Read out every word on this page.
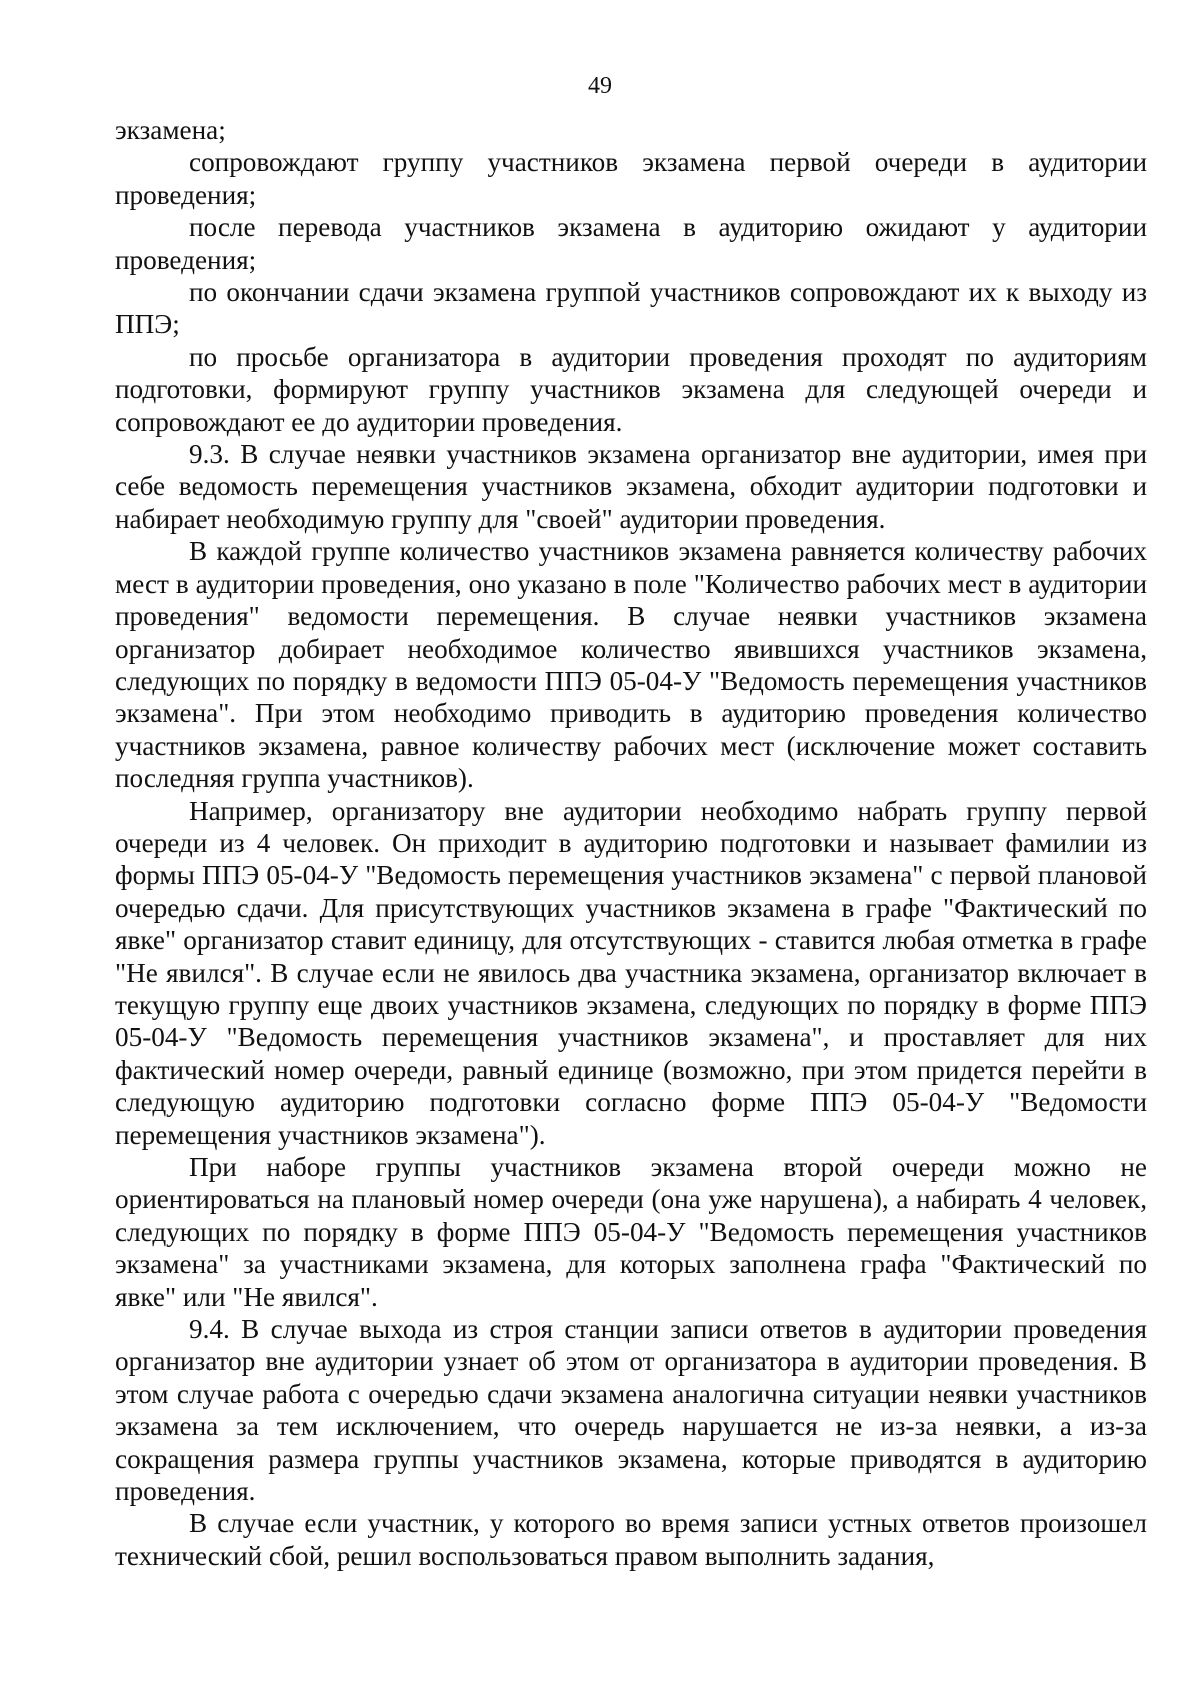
49

экзамена;

сопровождают группу участников экзамена первой очереди в аудитории проведения;

после перевода участников экзамена в аудиторию ожидают у аудитории проведения;

по окончании сдачи экзамена группой участников сопровождают их к выходу из ППЭ;

по просьбе организатора в аудитории проведения проходят по аудиториям подготовки, формируют группу участников экзамена для следующей очереди и сопровождают ее до аудитории проведения.

9.3. В случае неявки участников экзамена организатор вне аудитории, имея при себе ведомость перемещения участников экзамена, обходит аудитории подготовки и набирает необходимую группу для "своей" аудитории проведения.

В каждой группе количество участников экзамена равняется количеству рабочих мест в аудитории проведения, оно указано в поле "Количество рабочих мест в аудитории проведения" ведомости перемещения. В случае неявки участников экзамена организатор добирает необходимое количество явившихся участников экзамена, следующих по порядку в ведомости ППЭ 05-04-У "Ведомость перемещения участников экзамена". При этом необходимо приводить в аудиторию проведения количество участников экзамена, равное количеству рабочих мест (исключение может составить последняя группа участников).

Например, организатору вне аудитории необходимо набрать группу первой очереди из 4 человек. Он приходит в аудиторию подготовки и называет фамилии из формы ППЭ 05-04-У "Ведомость перемещения участников экзамена" с первой плановой очередью сдачи. Для присутствующих участников экзамена в графе "Фактический по явке" организатор ставит единицу, для отсутствующих - ставится любая отметка в графе "Не явился". В случае если не явилось два участника экзамена, организатор включает в текущую группу еще двоих участников экзамена, следующих по порядку в форме ППЭ 05-04-У "Ведомость перемещения участников экзамена", и проставляет для них фактический номер очереди, равный единице (возможно, при этом придется перейти в следующую аудиторию подготовки согласно форме ППЭ 05-04-У "Ведомости перемещения участников экзамена").

При наборе группы участников экзамена второй очереди можно не ориентироваться на плановый номер очереди (она уже нарушена), а набирать 4 человек, следующих по порядку в форме ППЭ 05-04-У "Ведомость перемещения участников экзамена" за участниками экзамена, для которых заполнена графа "Фактический по явке" или "Не явился".

9.4. В случае выхода из строя станции записи ответов в аудитории проведения организатор вне аудитории узнает об этом от организатора в аудитории проведения. В этом случае работа с очередью сдачи экзамена аналогична ситуации неявки участников экзамена за тем исключением, что очередь нарушается не из-за неявки, а из-за сокращения размера группы участников экзамена, которые приводятся в аудиторию проведения.

В случае если участник, у которого во время записи устных ответов произошел технический сбой, решил воспользоваться правом выполнить задания,
